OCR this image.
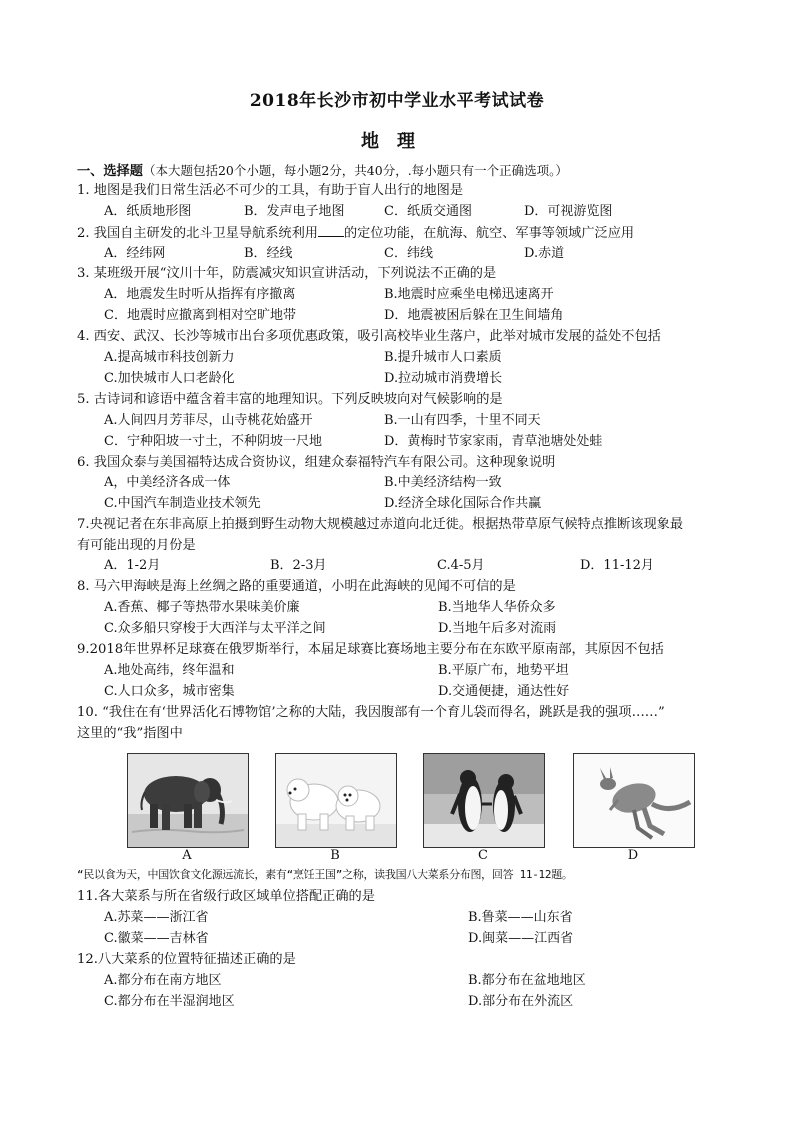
2018年长沙市初中学业水平考试试卷
地理
一、选择题（本大题包括20个小题，每小题2分，共40分，.每小题只有一个正确选项。）
1. 地图是我们日常生活必不可少的工具，有助于盲人出行的地图是
A．纸质地形图	B．发声电子地图	C．纸质交通图	D．可视游览图
2. 我国自主研发的北斗卫星导航系统利用 的定位功能，在航海、航空、军事等领域广泛应用
A．经纬网	B．经线	C．纬线	D.赤道
3. 某班级开展“汶川十年，防震减灾知识宣讲活动，下列说法不正确的是
A．地震发生时听从指挥有序撤离	B.地震时应乘坐电梯迅速离开
C．地震时应撤离到相对空旷地带	D．地震被困后躲在卫生间墙角
4. 西安、武汉、长沙等城市出台多项优惠政策，吸引高校毕业生落户，此举对城市发展的益处不包括
A.提高城市科技创新力	B.提升城市人口素质
C.加快城市人口老龄化	D.拉动城市消费增长
5. 古诗词和谚语中蕴含着丰富的地理知识。下列反映坡向对气候影响的是
A.人间四月芳菲尽，山寺桃花始盛开	B.一山有四季，十里不同天
C．宁种阳坡一寸土，不种阴坡一尺地	D．黄梅时节家家雨，青草池塘处处蛙
6. 我国众泰与美国福特达成合资协议，组建众泰福特汽车有限公司。这种现象说明
A，中美经济各成一体	B.中美经济结构一致
C.中国汽车制造业技术领先	D.经济全球化国际合作共赢
7.央视记者在东非高原上拍摄到野生动物大规模越过赤道向北迁徙。根据热带草原气候特点推断该现象最
有可能出现的月份是
A．1-2月	B．2-3月	C.4-5月	D．11-12月
8. 马六甲海峡是海上丝绸之路的重要通道，小明在此海峡的见闻不可信的是
A.香蕉、椰子等热带水果味美价廉	B.当地华人华侨众多
C.众多船只穿梭于大西洋与太平洋之间	D.当地午后多对流雨
9.2018年世界杯足球赛在俄罗斯举行，本届足球赛比赛场地主要分布在东欧平原南部，其原因不包括
A.地处高纬，终年温和	B.平原广布，地势平坦
C.人口众多，城市密集	D.交通便捷，通达性好
10. “我住在有‘世界活化石博物馆’之称的大陆，我因腹部有一个育儿袋而得名，跳跃是我的强项……”
这里的“我”指图中
A	B	C	D
“民以食为天，中国饮食文化源远流长，素有“烹饪王国”之称，读我国八大菜系分布图，回答 11-12题。
11.各大菜系与所在省级行政区域单位搭配正确的是
A.苏菜——浙江省	B.鲁菜——山东省
C.徽菜——吉林省	D.闽菜——江西省
12.八大菜系的位置特征描述正确的是
A.都分布在南方地区	B.都分布在盆地地区
C.都分布在半湿润地区	D.部分布在外流区
